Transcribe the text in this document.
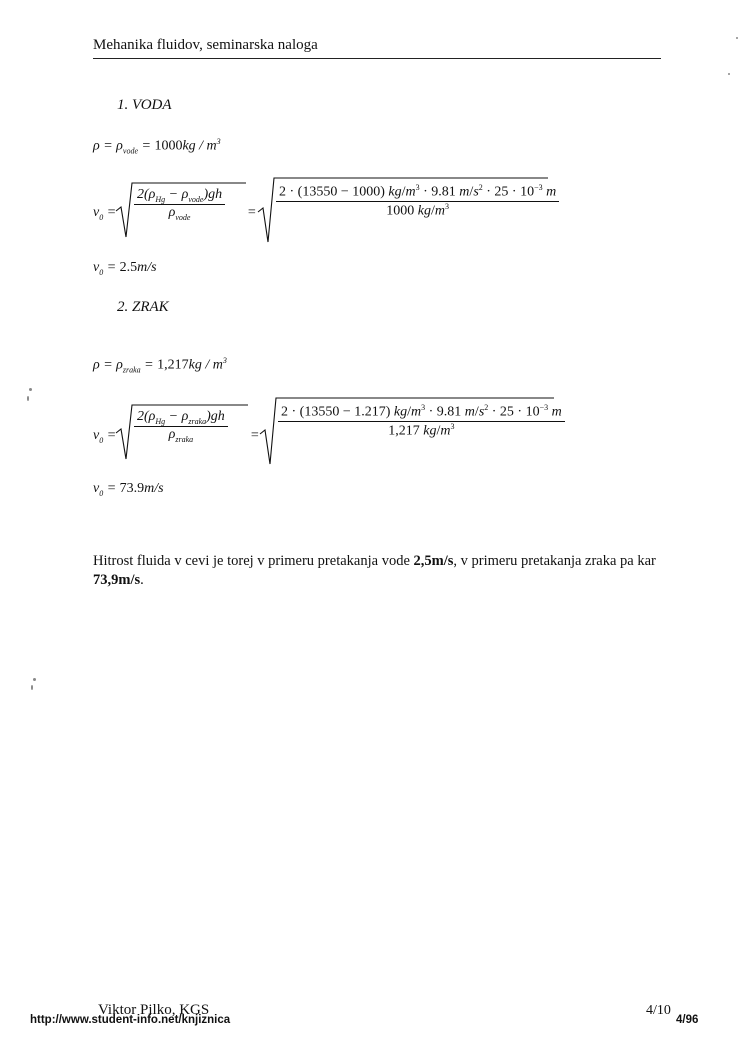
Mehanika fluidov, seminarska naloga
1. VODA
$\rho = \rho_{vode} = 1000kg / m^3$
$v_0 = \frac{2(\rho_{Hg} - \rho_{vode})gh}{\rho_{vode}} = \frac{2 \cdot (13550 - 1000) kg/m^3 \cdot 9.81 m/s^2 \cdot 25 \cdot 10^{-3} m}{1000 kg/m^3}$
$v_0 = 2.5m/s$
2. ZRAK
$\rho = \rho_{zraka} = 1,217kg / m^3$
$v_0 = \frac{2(\rho_{Hg} - \rho_{zraka})gh}{\rho_{zraka}} = \frac{2 \cdot (13550 - 1.217) kg/m^3 \cdot 9.81 m/s^2 \cdot 25 \cdot 10^{-3} m}{1,217 kg/m^3}$
$v_0 = 73.9m/s$
Hitrost fluida v cevi je torej v primeru pretakanja vode 2,5m/s, v primeru pretakanja zraka pa kar 73,9m/s.
Viktor Pilko, KGS	4/10
http://www.student-info.net/knjiznica	4/96
